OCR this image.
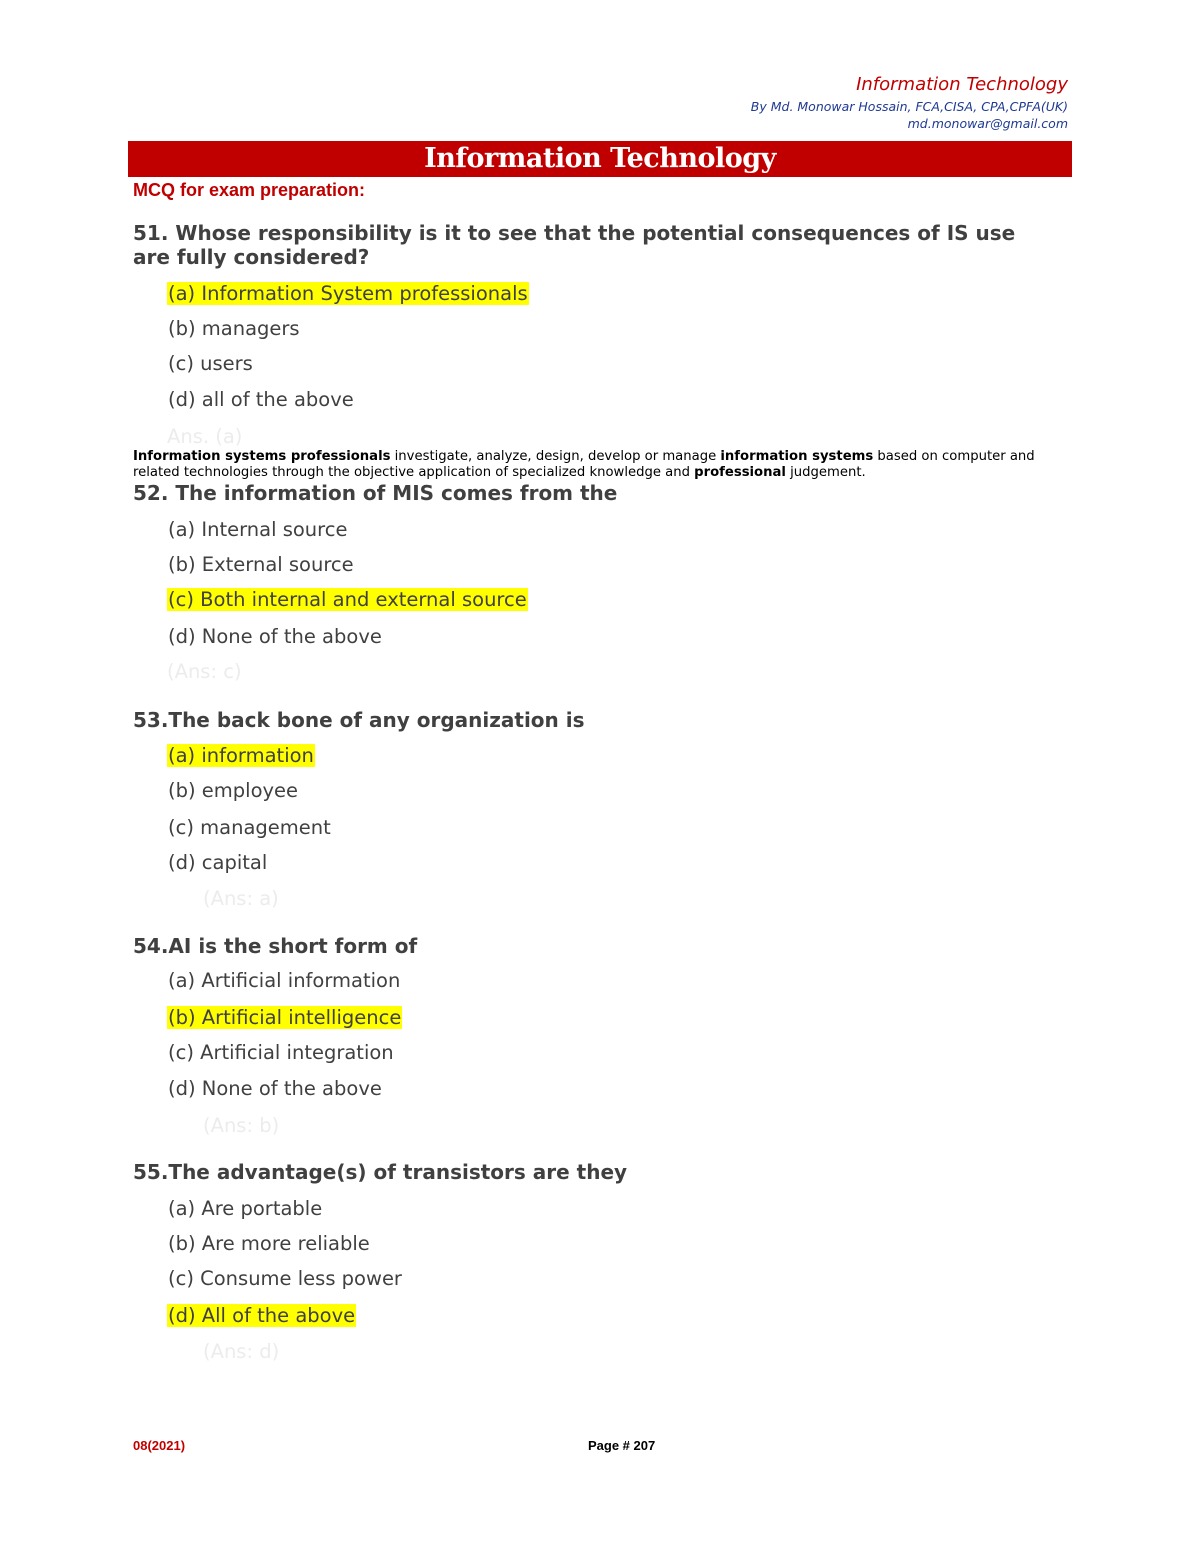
Information Technology
By Md. Monowar Hossain, FCA,CISA, CPA,CPFA(UK)
md.monowar@gmail.com
Information Technology
MCQ for exam preparation:
51. Whose responsibility is it to see that the potential consequences of IS use are fully considered?
(a) Information System professionals
(b) managers
(c) users
(d) all of the above
Ans. (a)
Information systems professionals investigate, analyze, design, develop or manage information systems based on computer and related technologies through the objective application of specialized knowledge and professional judgement.
52. The information of MIS comes from the
(a) Internal source
(b) External source
(c) Both internal and external source
(d) None of the above
(Ans: c)
53.The back bone of any organization is
(a) information
(b) employee
(c) management
(d) capital
(Ans: a)
54.AI is the short form of
(a) Artificial information
(b) Artificial intelligence
(c) Artificial integration
(d) None of the above
(Ans: b)
55.The advantage(s) of transistors are they
(a) Are portable
(b) Are more reliable
(c) Consume less power
(d) All of the above
(Ans: d)
08(2021)	Page # 207
